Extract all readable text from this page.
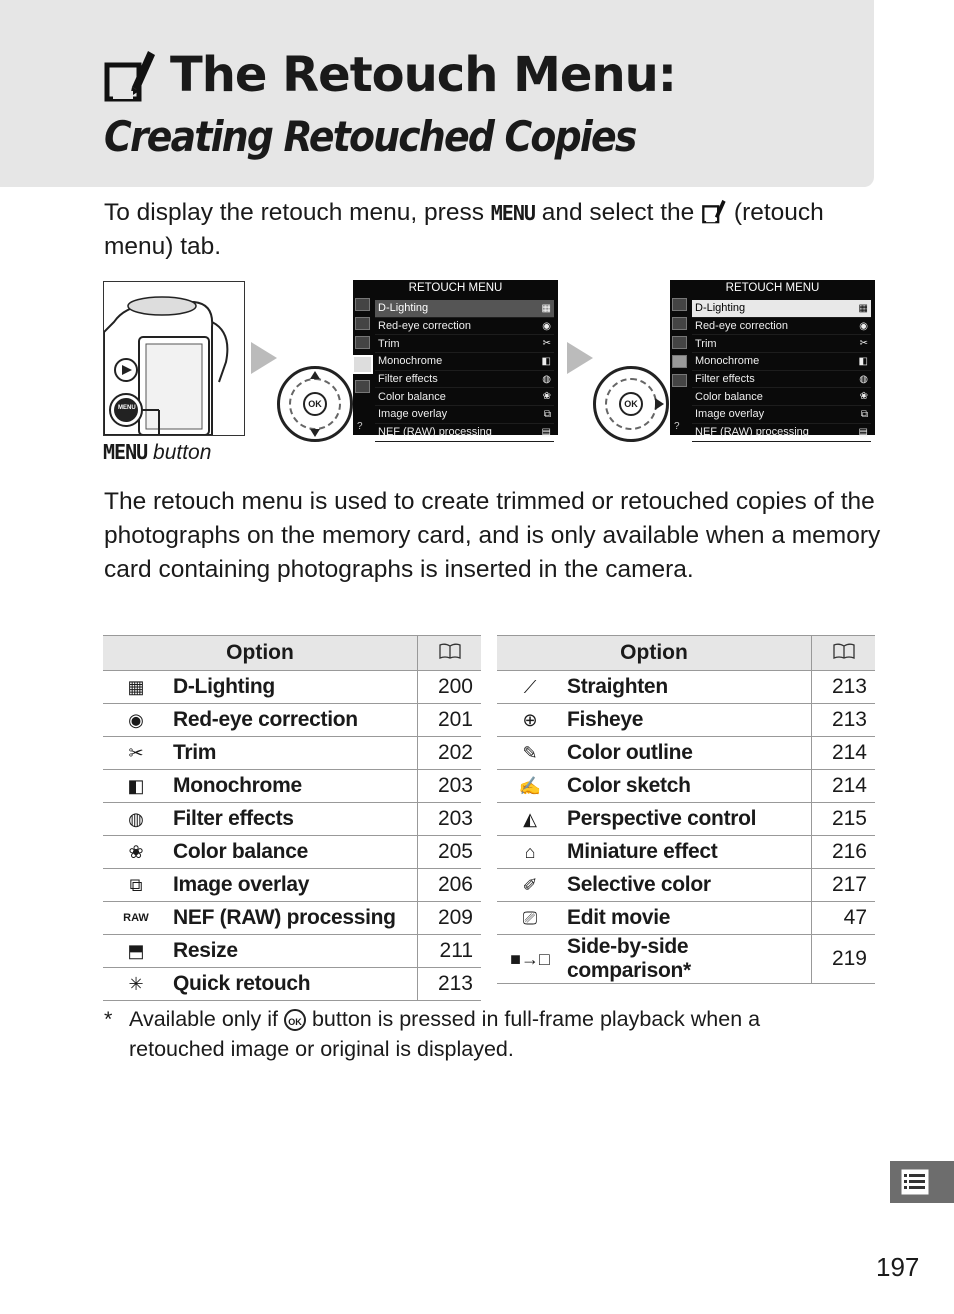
The Retouch Menu:
Creating Retouched Copies
To display the retouch menu, press MENU and select the  (retouch menu) tab.
MENU	OK
RETOUCH MENU
D-Lighting	▦
Red-eye correction	◉
Trim	✂
Monochrome	◧
Filter effects	◍
Color balance	❀
Image overlay	⧉
NEF (RAW) processing	▤
?
OK
RETOUCH MENU
D-Lighting	▦
Red-eye correction	◉
Trim	✂
Monochrome	◧
Filter effects	◍
Color balance	❀
Image overlay	⧉
NEF (RAW) processing	▤
?
MENU button
The retouch menu is used to create trimmed or retouched copies of the photographs on the memory card, and is only available when a memory card containing photographs is inserted in the camera.
Option	
▦	D-Lighting	200
◉	Red-eye correction	201
✂	Trim	202
◧	Monochrome	203
◍	Filter effects	203
❀	Color balance	205
⧉	Image overlay	206
RAW	NEF (RAW) processing	209
⬒	Resize	211
✳	Quick retouch	213
Option	
⟋	Straighten	213
⊕	Fisheye	213
✎	Color outline	214
✍	Color sketch	214
◭	Perspective control	215
⌂	Miniature effect	216
✐	Selective color	217
⎚	Edit movie	47
■→□	Side-by-side comparison*	219
* Available only if OK button is pressed in full-frame playback when a retouched image or original is displayed.
197
